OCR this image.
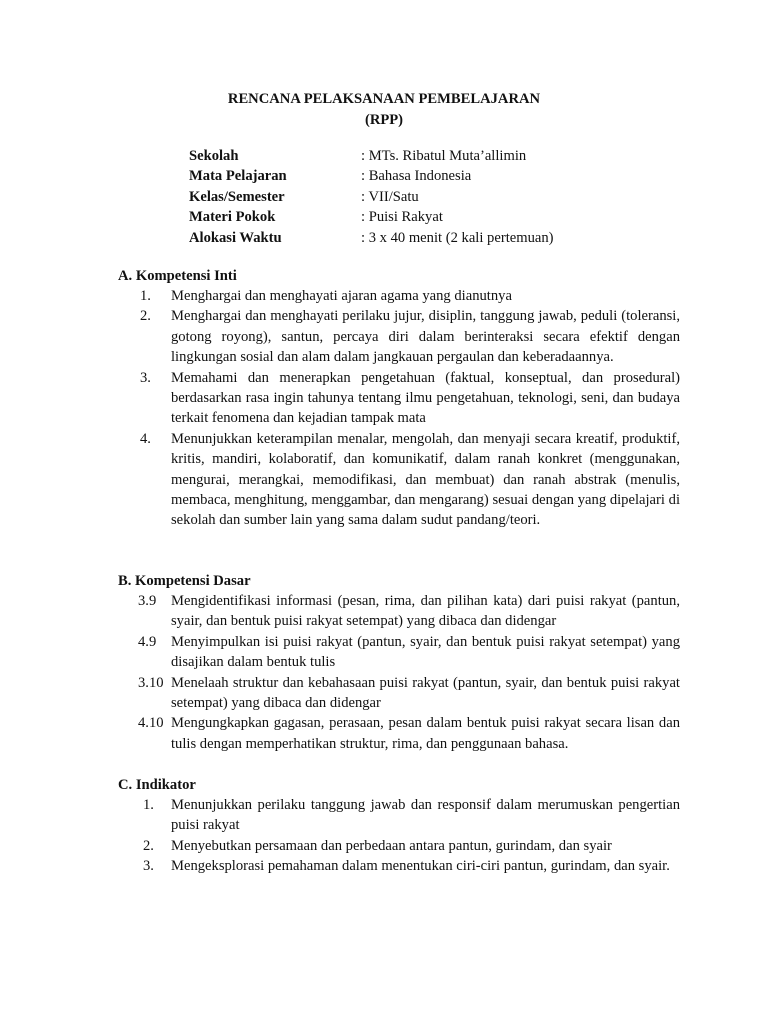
RENCANA PELAKSANAAN PEMBELAJARAN
(RPP)
Sekolah	: MTs. Ribatul Muta’allimin
Mata Pelajaran	: Bahasa Indonesia
Kelas/Semester	: VII/Satu
Materi Pokok	: Puisi Rakyat
Alokasi Waktu	: 3 x 40 menit (2 kali pertemuan)
A. Kompetensi Inti
1. Menghargai dan menghayati ajaran agama yang dianutnya
2. Menghargai dan menghayati perilaku jujur, disiplin, tanggung jawab, peduli (toleransi, gotong royong), santun, percaya diri dalam berinteraksi secara efektif dengan lingkungan sosial dan alam dalam jangkauan pergaulan dan keberadaannya.
3. Memahami dan menerapkan pengetahuan (faktual, konseptual, dan prosedural) berdasarkan rasa ingin tahunya tentang ilmu pengetahuan, teknologi, seni, dan budaya terkait fenomena dan kejadian tampak mata
4. Menunjukkan keterampilan menalar, mengolah, dan menyaji secara kreatif, produktif, kritis, mandiri, kolaboratif, dan komunikatif, dalam ranah konkret (menggunakan, mengurai, merangkai, memodifikasi, dan membuat) dan ranah abstrak (menulis, membaca, menghitung, menggambar, dan mengarang) sesuai dengan yang dipelajari di sekolah dan sumber lain yang sama dalam sudut pandang/teori.
B. Kompetensi Dasar
3.9 Mengidentifikasi informasi (pesan, rima, dan pilihan kata) dari puisi rakyat (pantun, syair, dan bentuk puisi rakyat setempat) yang dibaca dan didengar
4.9 Menyimpulkan isi puisi rakyat (pantun, syair, dan bentuk puisi rakyat setempat) yang disajikan dalam bentuk tulis
3.10 Menelaah struktur dan kebahasaan puisi rakyat (pantun, syair, dan bentuk puisi rakyat setempat) yang dibaca dan didengar
4.10 Mengungkapkan gagasan, perasaan, pesan dalam bentuk puisi rakyat secara lisan dan tulis dengan memperhatikan struktur, rima, dan penggunaan bahasa.
C. Indikator
1. Menunjukkan perilaku tanggung jawab dan responsif dalam merumuskan pengertian puisi rakyat
2. Menyebutkan persamaan dan perbedaan antara pantun, gurindam, dan syair
3. Mengeksplorasi pemahaman dalam menentukan ciri-ciri pantun, gurindam, dan syair.
